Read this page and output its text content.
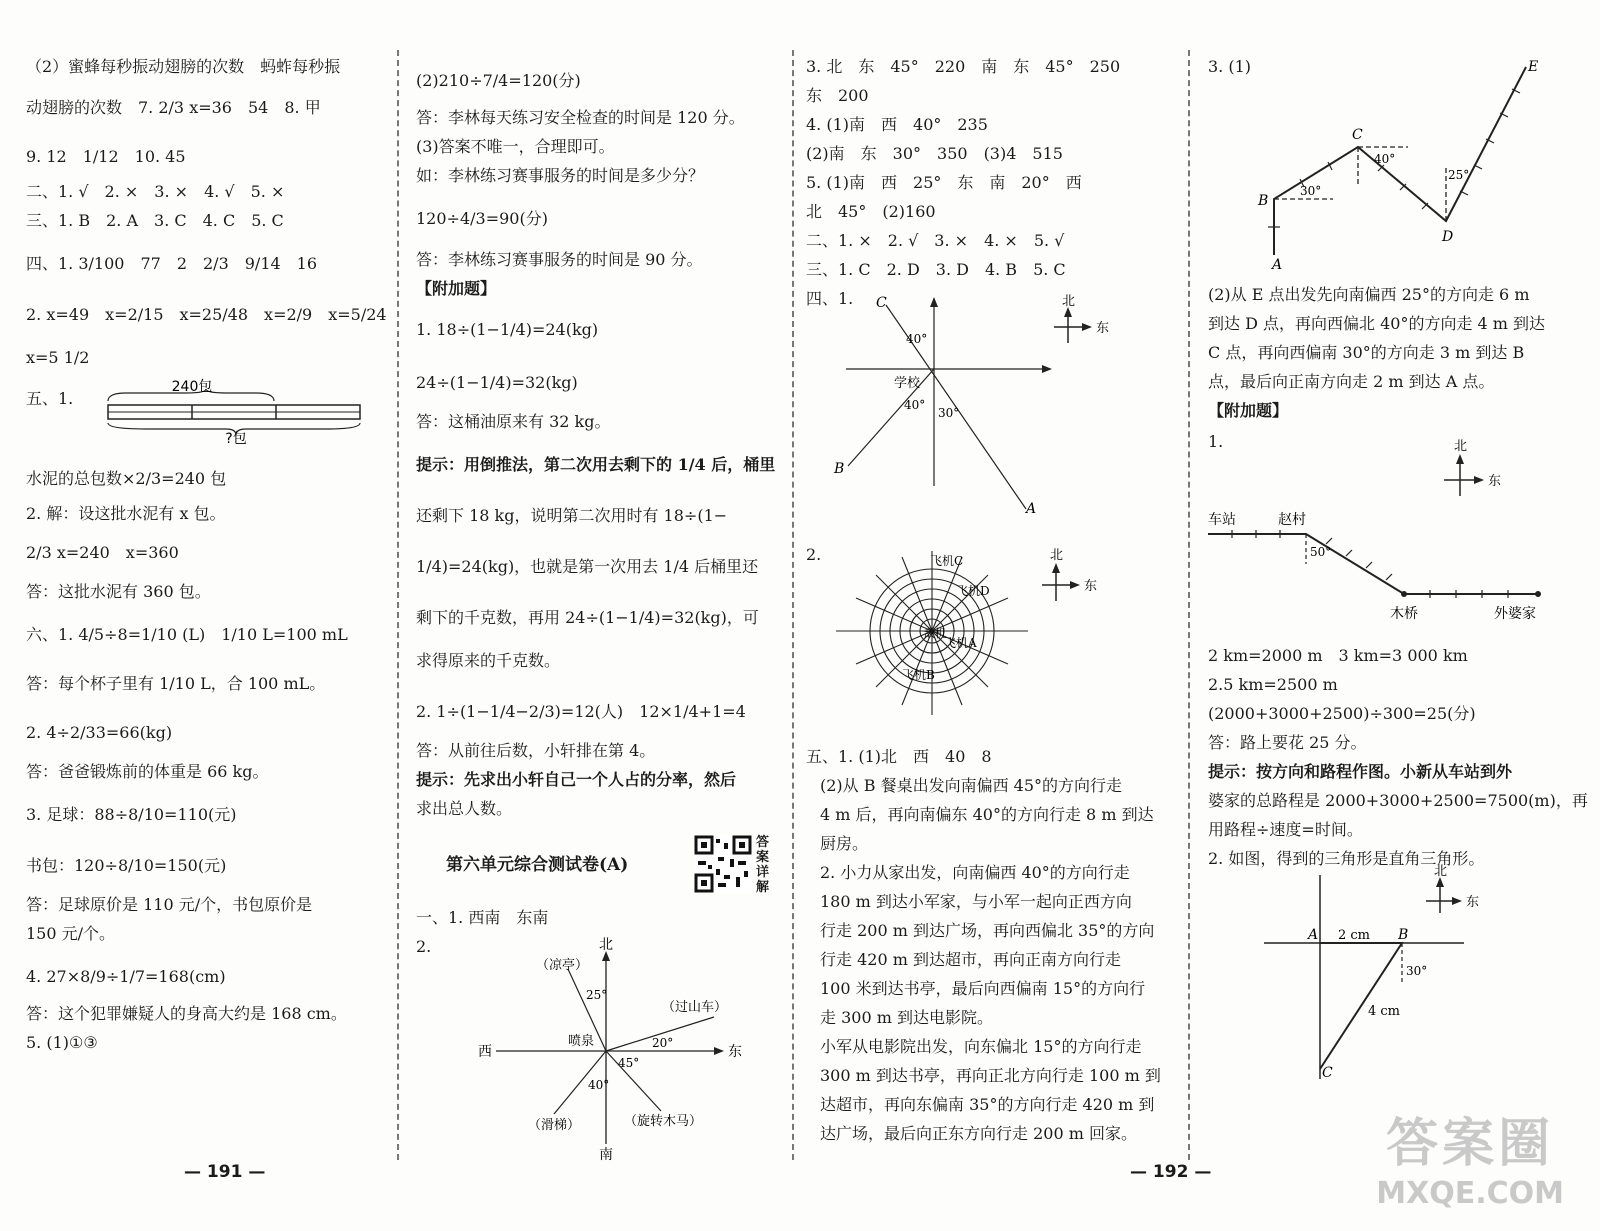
（2）蜜蜂每秒振动翅膀的次数　蚂蚱每秒振

动翅膀的次数　7. 2/3 x=36　54　8. 甲

9. 12　1/12　10. 45

二、1. √　2. ×　3. ×　4. √　5. ×

三、1. B　2. A　3. C　4. C　5. C

四、1. 3/100　77　2　2/3　9/14　16

2. x=49　x=2/15　x=25/48　x=2/9　x=5/24

x=5 1/2

五、1.

240包
?包

水泥的总包数×2/3=240 包

2. 解：设这批水泥有 x 包。

2/3 x=240　x=360

答：这批水泥有 360 包。

六、1. 4/5÷8=1/10 (L)　1/10 L=100 mL

答：每个杯子里有 1/10 L，合 100 mL。

2. 4÷2/33=66(kg)

答：爸爸锻炼前的体重是 66 kg。

3. 足球：88÷8/10=110(元)

书包：120÷8/10=150(元)

答：足球原价是 110 元/个，书包原价是

150 元/个。

4. 27×8/9÷1/7=168(cm)

答：这个犯罪嫌疑人的身高大约是 168 cm。

5. (1)①③

(2)210÷7/4=120(分)

答：李林每天练习安全检查的时间是 120 分。

(3)答案不唯一，合理即可。

如：李林练习赛事服务的时间是多少分？

120÷4/3=90(分)

答：李林练习赛事服务的时间是 90 分。

【附加题】

1. 18÷(1−1/4)=24(kg)

24÷(1−1/4)=32(kg)

答：这桶油原来有 32 kg。

提示：用倒推法，第二次用去剩下的 1/4 后，桶里

还剩下 18 kg，说明第二次用时有 18÷(1−

1/4)=24(kg)，也就是第一次用去 1/4 后桶里还

剩下的千克数，再用 24÷(1−1/4)=32(kg)，可

求得原来的千克数。

2. 1÷(1−1/4−2/3)=12(人)　12×1/4+1=4

答：从前往后数，小轩排在第 4。

提示：先求出小轩自己一个人占的分率，然后

求出总人数。

第六单元综合测试卷(A)
答案详解

一、1. 西南　东南

2.	北
南
西	东
25°
20°
45°
40°
喷泉
（凉亭）
（过山车）
（滑梯）	（旋转木马）

3. 北　东　45°　220　南　东　45°　250

东　200

4. (1)南　西　40°　235

(2)南　东　30°　350　(3)4　515

5. (1)南　西　25°　东　南　20°　西

北　45°　(2)160

二、1. ×　2. √　3. ×　4. ×　5. √

三、1. C　2. D　3. D　4. B　5. C

四、1.	C
B
A
40°
40°
30°
学校
北
东

2.	飞机C
飞机D
飞机A
飞机B
敌机
北
东

五、1. (1)北　西　40　8

(2)从 B 餐桌出发向南偏西 45°的方向行走

4 m 后，再向南偏东 40°的方向行走 8 m 到达

厨房。

2. 小力从家出发，向南偏西 40°的方向行走

180 m 到达小军家，与小军一起向正西方向

行走 200 m 到达广场，再向西偏北 35°的方向

行走 420 m 到达超市，再向正南方向行走

100 米到达书亭，最后向西偏南 15°的方向行

走 300 m 到达电影院。

小军从电影院出发，向东偏北 15°的方向行走

300 m 到达书亭，再向正北方向行走 100 m 到

达超市，再向东偏南 35°的方向行走 420 m 到

达广场，最后向正东方向行走 200 m 回家。

3. (1)

A
B
C
D
E
30°
40°
25°

(2)从 E 点出发先向南偏西 25°的方向走 6 m

到达 D 点，再向西偏北 40°的方向走 4 m 到达

C 点，再向西偏南 30°的方向走 3 m 到达 B

点，最后向正南方向走 2 m 到达 A 点。

【附加题】

1.	北
东
车站	赵村
木桥	外婆家
50°

2 km=2000 m　3 km=3 000 km

2.5 km=2500 m

(2000+3000+2500)÷300=25(分)

答：路上要花 25 分。

提示：按方向和路程作图。小新从车站到外

婆家的总路程是 2000+3000+2500=7500(m)，再

用路程÷速度=时间。

2. 如图，得到的三角形是直角三角形。

A	B
C
2 cm
4 cm
30°
北
东
— 191 —	— 192 —	答案圈
MXQE.COM
